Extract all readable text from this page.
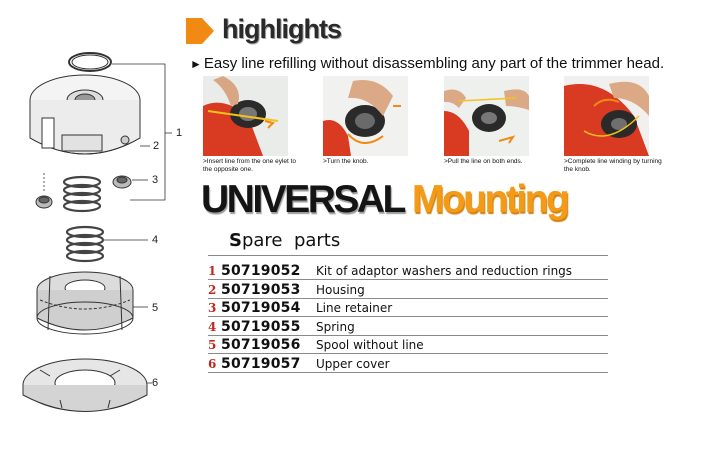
1
2
3
4
5
6
highlights
► Easy line refilling without disassembling any part of the trimmer head.
>Insert line from the one eylet to the opposite one.
>Turn the knob.	>Pull the line on both ends.	>Complete line winding by turning the knob.
UNIVERSAL Mounting
Spare  parts
1 50719052	Kit of adaptor washers and reduction rings
2 50719053	Housing
3 50719054	Line retainer
4 50719055	Spring
5 50719056	Spool without line
6 50719057	Upper cover
